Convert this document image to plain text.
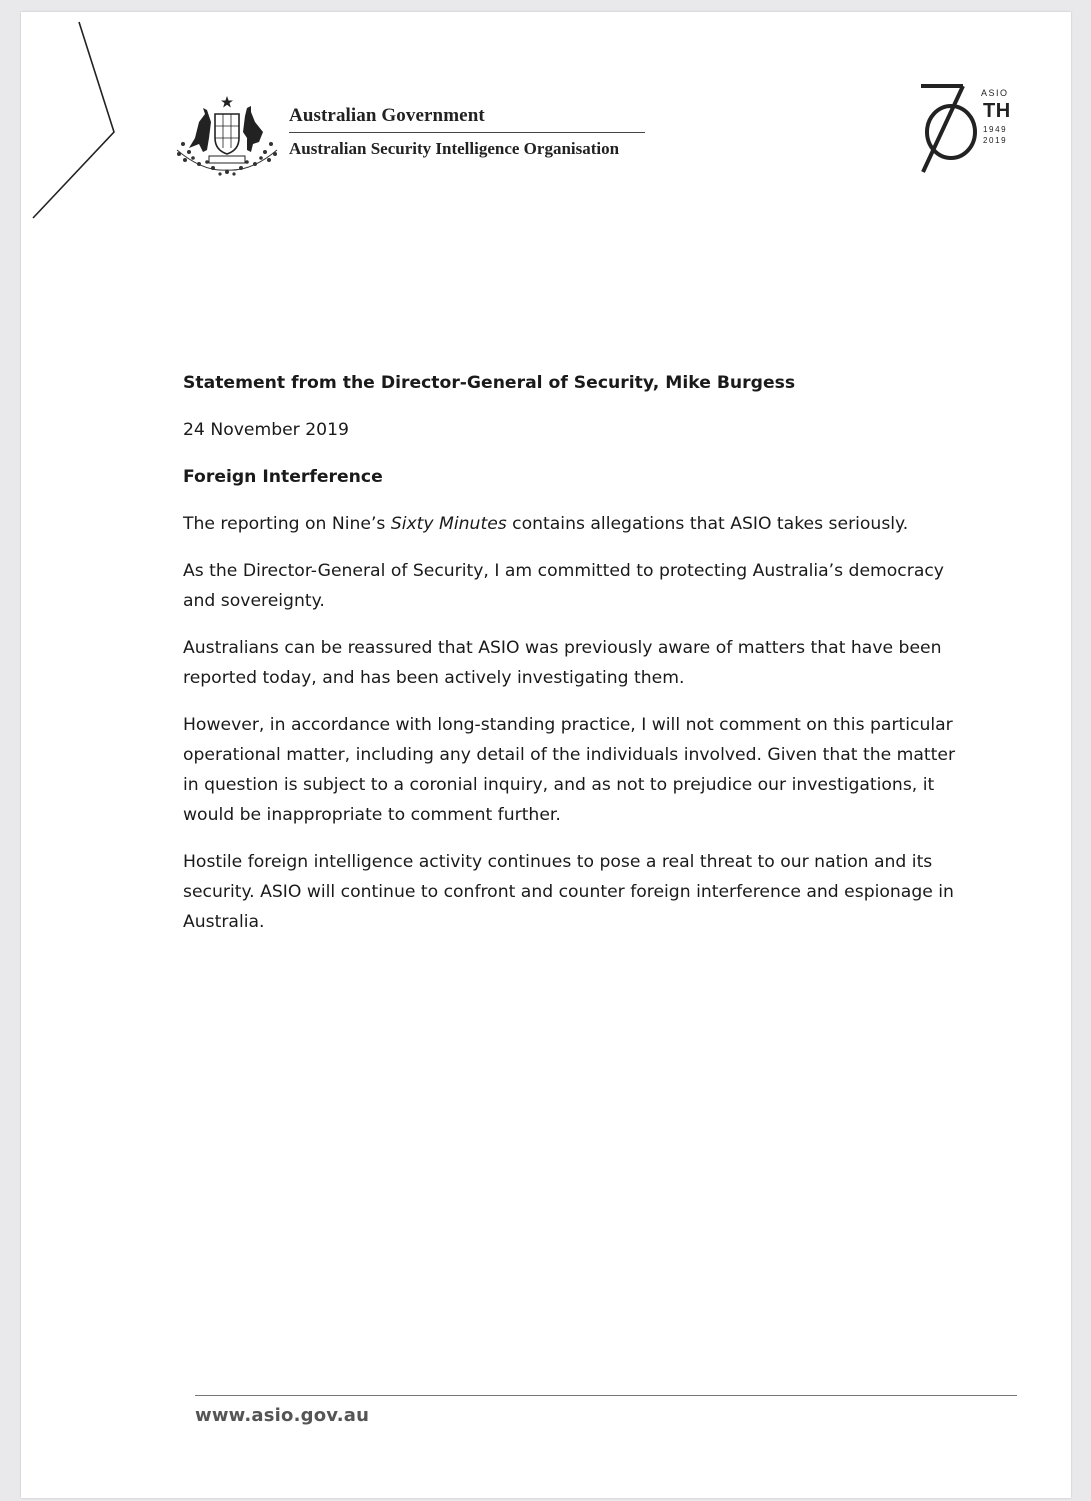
Australian Government
Australian Security Intelligence Organisation
ASIO
TH
1949
2019

Statement from the Director-General of Security, Mike Burgess

24 November 2019

Foreign Interference

The reporting on Nine’s Sixty Minutes contains allegations that ASIO takes seriously.

As the Director-General of Security, I am committed to protecting Australia’s democracy and sovereignty.

Australians can be reassured that ASIO was previously aware of matters that have been reported today, and has been actively investigating them.

However, in accordance with long-standing practice, I will not comment on this particular operational matter, including any detail of the individuals involved. Given that the matter in question is subject to a coronial inquiry, and as not to prejudice our investigations, it would be inappropriate to comment further.

Hostile foreign intelligence activity continues to pose a real threat to our nation and its security. ASIO will continue to confront and counter foreign interference and espionage in Australia.

www.asio.gov.au
